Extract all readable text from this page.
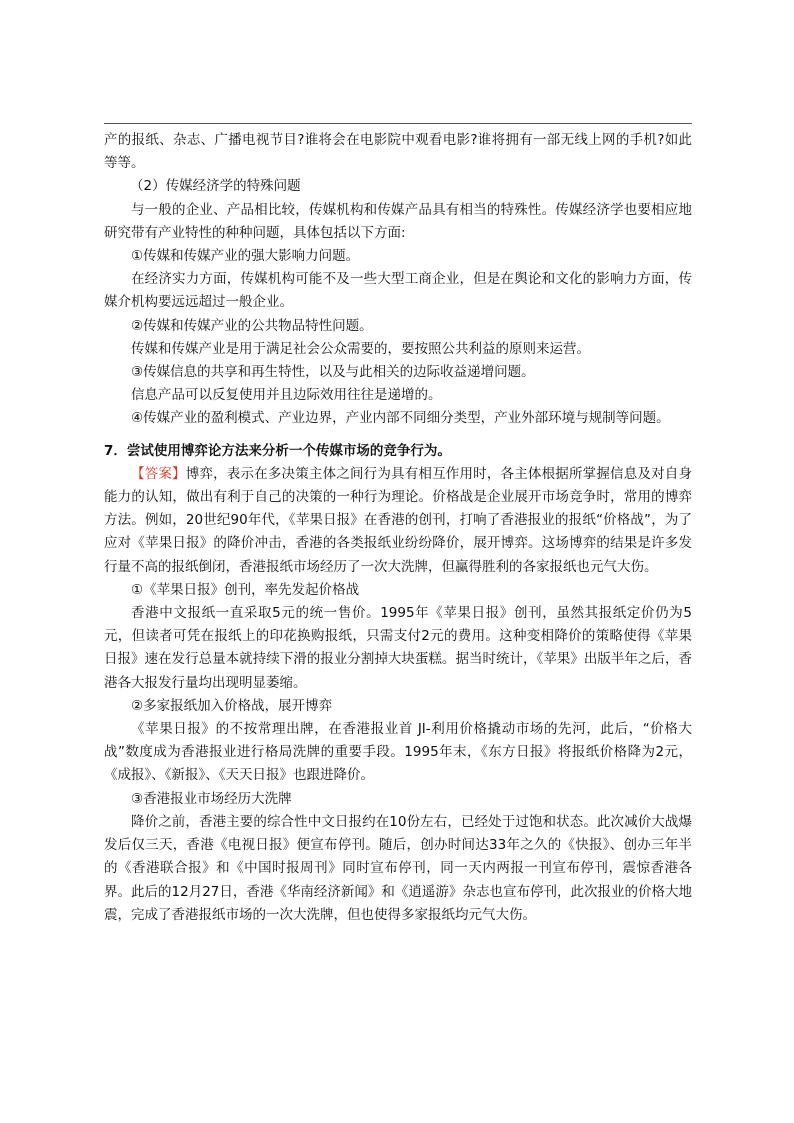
产的报纸、杂志、广播电视节目?谁将会在电影院中观看电影?谁将拥有一部无线上网的手机?如此等等。

（2）传媒经济学的特殊问题

与一般的企业、产品相比较，传媒机构和传媒产品具有相当的特殊性。传媒经济学也要相应地研究带有产业特性的种种问题，具体包括以下方面:

①传媒和传媒产业的强大影响力问题。

在经济实力方面，传媒机构可能不及一些大型工商企业，但是在舆论和文化的影响力方面，传媒介机构要远远超过一般企业。

②传媒和传媒产业的公共物品特性问题。

传媒和传媒产业是用于满足社会公众需要的，要按照公共利益的原则来运营。

③传媒信息的共享和再生特性，以及与此相关的边际收益递增问题。

信息产品可以反复使用并且边际效用往往是递增的。

④传媒产业的盈利模式、产业边界，产业内部不同细分类型，产业外部环境与规制等问题。

7．尝试使用博弈论方法来分析一个传媒市场的竞争行为。

【答案】博弈，表示在多决策主体之间行为具有相互作用时，各主体根据所掌握信息及对自身能力的认知，做出有利于自己的决策的一种行为理论。价格战是企业展开市场竞争时，常用的博弈方法。例如，20世纪90年代，《苹果日报》在香港的创刊，打响了香港报业的报纸“价格战”，为了应对《苹果日报》的降价冲击，香港的各类报纸业纷纷降价，展开博弈。这场博弈的结果是许多发行量不高的报纸倒闭，香港报纸市场经历了一次大洗牌，但赢得胜利的各家报纸也元气大伤。

①《苹果日报》创刊，率先发起价格战

香港中文报纸一直采取5元的统一售价。1995年《苹果日报》创刊，虽然其报纸定价仍为5元，但读者可凭在报纸上的印花换购报纸，只需支付2元的费用。这种变相降价的策略使得《苹果日报》速在发行总量本就持续下滑的报业分割掉大块蛋糕。据当时统计，《苹果》出版半年之后，香港各大报发行量均出现明显萎缩。

②多家报纸加入价格战，展开博弈

《苹果日报》的不按常理出牌，在香港报业首 JI-利用价格撬动市场的先河，此后，“价格大战”数度成为香港报业进行格局洗牌的重要手段。1995年末，《东方日报》将报纸价格降为2元，《成报》、《新报》、《天天日报》也跟进降价。

③香港报业市场经历大洗牌

降价之前，香港主要的综合性中文日报约在10份左右，已经处于过饱和状态。此次减价大战爆发后仅三天，香港《电视日报》便宣布停刊。随后，创办时间达33年之久的《快报》、创办三年半的《香港联合报》和《中国时报周刊》同时宣布停刊，同一天内两报一刊宣布停刊，震惊香港各界。此后的12月27日，香港《华南经济新闻》和《逍遥游》杂志也宣布停刊，此次报业的价格大地震，完成了香港报纸市场的一次大洗牌，但也使得多家报纸均元气大伤。
